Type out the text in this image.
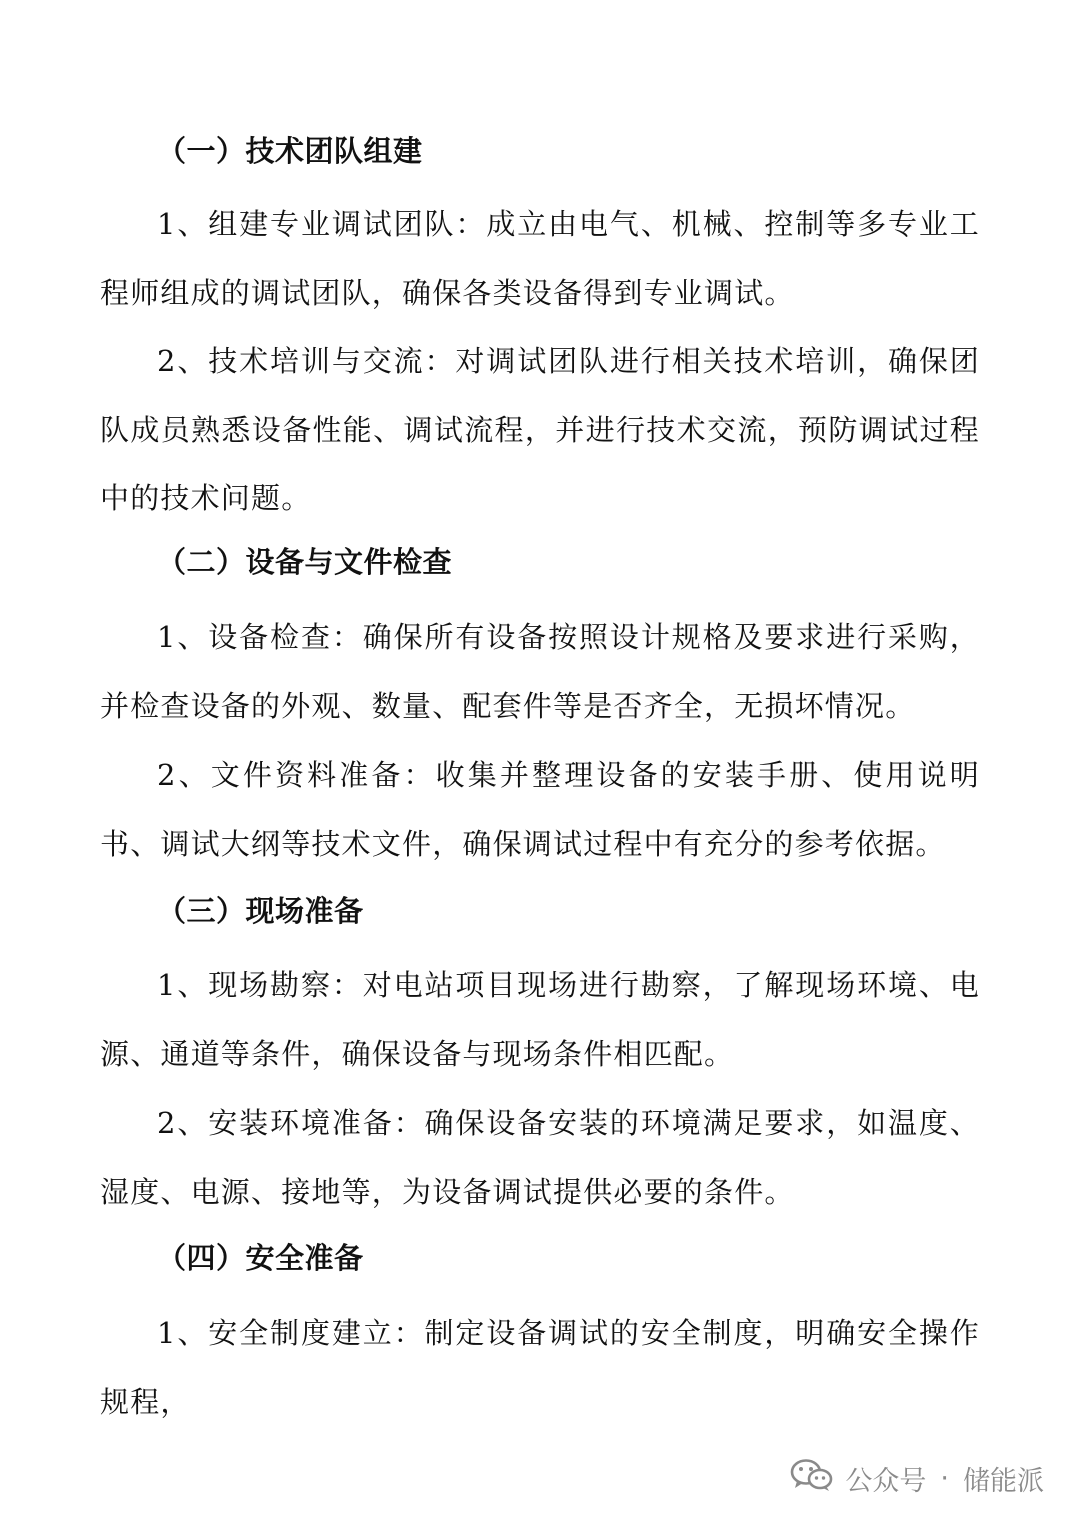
（一）技术团队组建
1、组建专业调试团队：成立由电气、机械、控制等多专业工程师组成的调试团队，确保各类设备得到专业调试。
2、技术培训与交流：对调试团队进行相关技术培训，确保团队成员熟悉设备性能、调试流程，并进行技术交流，预防调试过程中的技术问题。
（二）设备与文件检查
1、设备检查：确保所有设备按照设计规格及要求进行采购，并检查设备的外观、数量、配套件等是否齐全，无损坏情况。
2、文件资料准备：收集并整理设备的安装手册、使用说明书、调试大纲等技术文件，确保调试过程中有充分的参考依据。
（三）现场准备
1、现场勘察：对电站项目现场进行勘察，了解现场环境、电源、通道等条件，确保设备与现场条件相匹配。
2、安装环境准备：确保设备安装的环境满足要求，如温度、湿度、电源、接地等，为设备调试提供必要的条件。
（四）安全准备
1、安全制度建立：制定设备调试的安全制度，明确安全操作规程，
公众号 · 储能派
